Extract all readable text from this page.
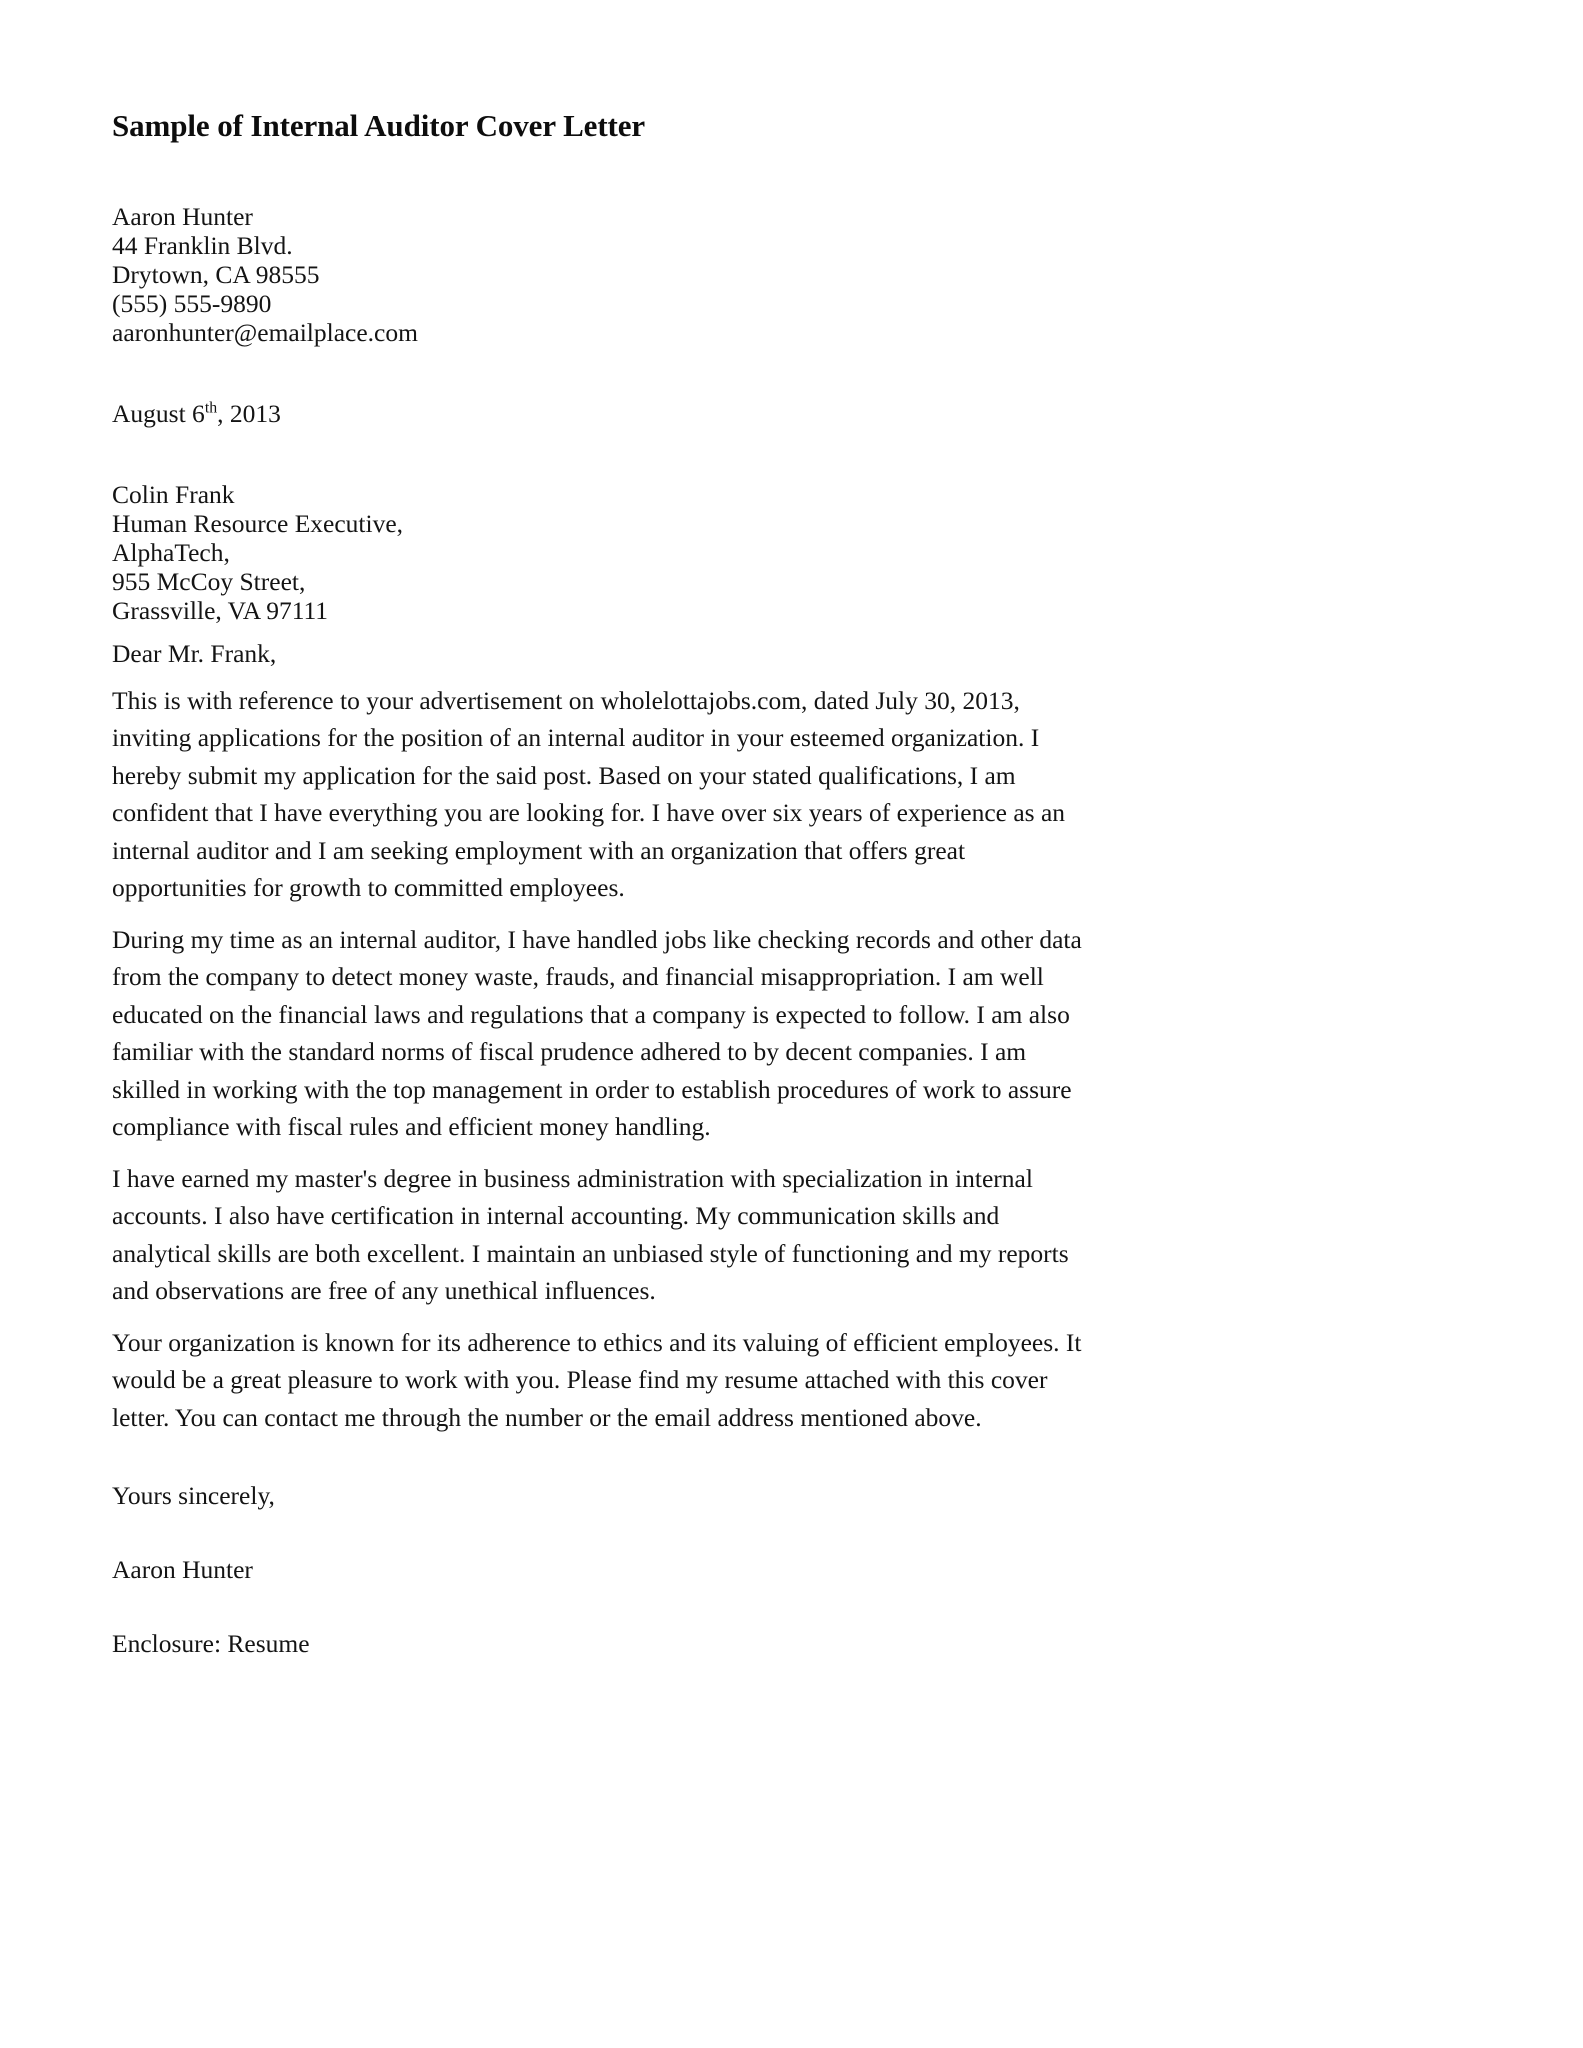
Sample of Internal Auditor Cover Letter
Aaron Hunter
44 Franklin Blvd.
Drytown, CA 98555
(555) 555-9890
aaronhunter@emailplace.com
August 6th, 2013
Colin Frank
Human Resource Executive,
AlphaTech,
955 McCoy Street,
Grassville, VA 97111
Dear Mr. Frank,

This is with reference to your advertisement on wholelottajobs.com, dated July 30, 2013, inviting applications for the position of an internal auditor in your esteemed organization. I hereby submit my application for the said post. Based on your stated qualifications, I am confident that I have everything you are looking for. I have over six years of experience as an internal auditor and I am seeking employment with an organization that offers great opportunities for growth to committed employees.

During my time as an internal auditor, I have handled jobs like checking records and other data from the company to detect money waste, frauds, and financial misappropriation. I am well educated on the financial laws and regulations that a company is expected to follow. I am also familiar with the standard norms of fiscal prudence adhered to by decent companies. I am skilled in working with the top management in order to establish procedures of work to assure compliance with fiscal rules and efficient money handling.

I have earned my master's degree in business administration with specialization in internal accounts. I also have certification in internal accounting. My communication skills and analytical skills are both excellent. I maintain an unbiased style of functioning and my reports and observations are free of any unethical influences.

Your organization is known for its adherence to ethics and its valuing of efficient employees. It would be a great pleasure to work with you. Please find my resume attached with this cover letter. You can contact me through the number or the email address mentioned above.

Yours sincerely,
Aaron Hunter
Enclosure: Resume
